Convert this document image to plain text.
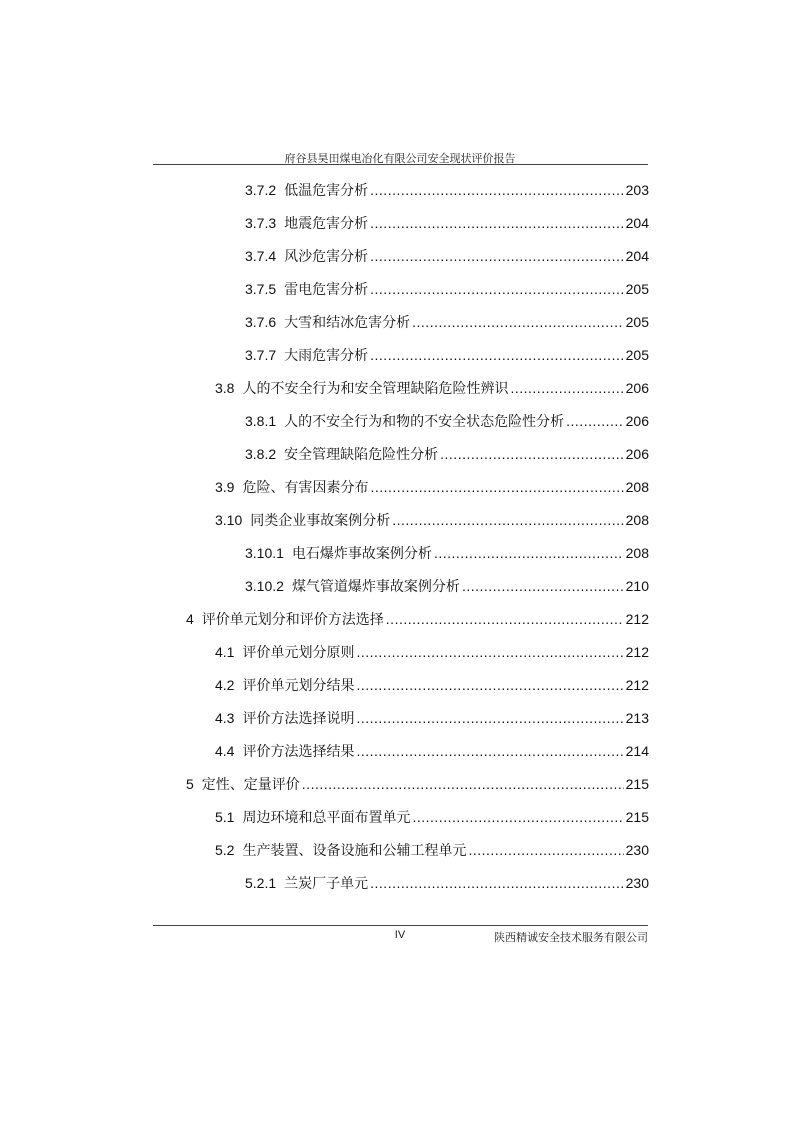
府谷县昊田煤电冶化有限公司安全现状评价报告
3.7.2 低温危害分析 .....	203
3.7.3 地震危害分析 .....	204
3.7.4 风沙危害分析 .....	204
3.7.5 雷电危害分析 .....	205
3.7.6 大雪和结冰危害分析 .....	205
3.7.7 大雨危害分析 .....	205
3.8 人的不安全行为和安全管理缺陷危险性辨识 .....	206
3.8.1 人的不安全行为和物的不安全状态危险性分析 .....	206
3.8.2 安全管理缺陷危险性分析 .....	206
3.9 危险、有害因素分布 .....	208
3.10 同类企业事故案例分析 .....	208
3.10.1 电石爆炸事故案例分析 .....	208
3.10.2 煤气管道爆炸事故案例分析 .....	210
4 评价单元划分和评价方法选择 .....	212
4.1 评价单元划分原则 .....	212
4.2 评价单元划分结果 .....	212
4.3 评价方法选择说明 .....	213
4.4 评价方法选择结果 .....	214
5 定性、定量评价 .....	215
5.1 周边环境和总平面布置单元 .....	215
5.2 生产装置、设备设施和公辅工程单元 .....	230
5.2.1 兰炭厂子单元 .....	230
IV	陕西精诚安全技术服务有限公司
